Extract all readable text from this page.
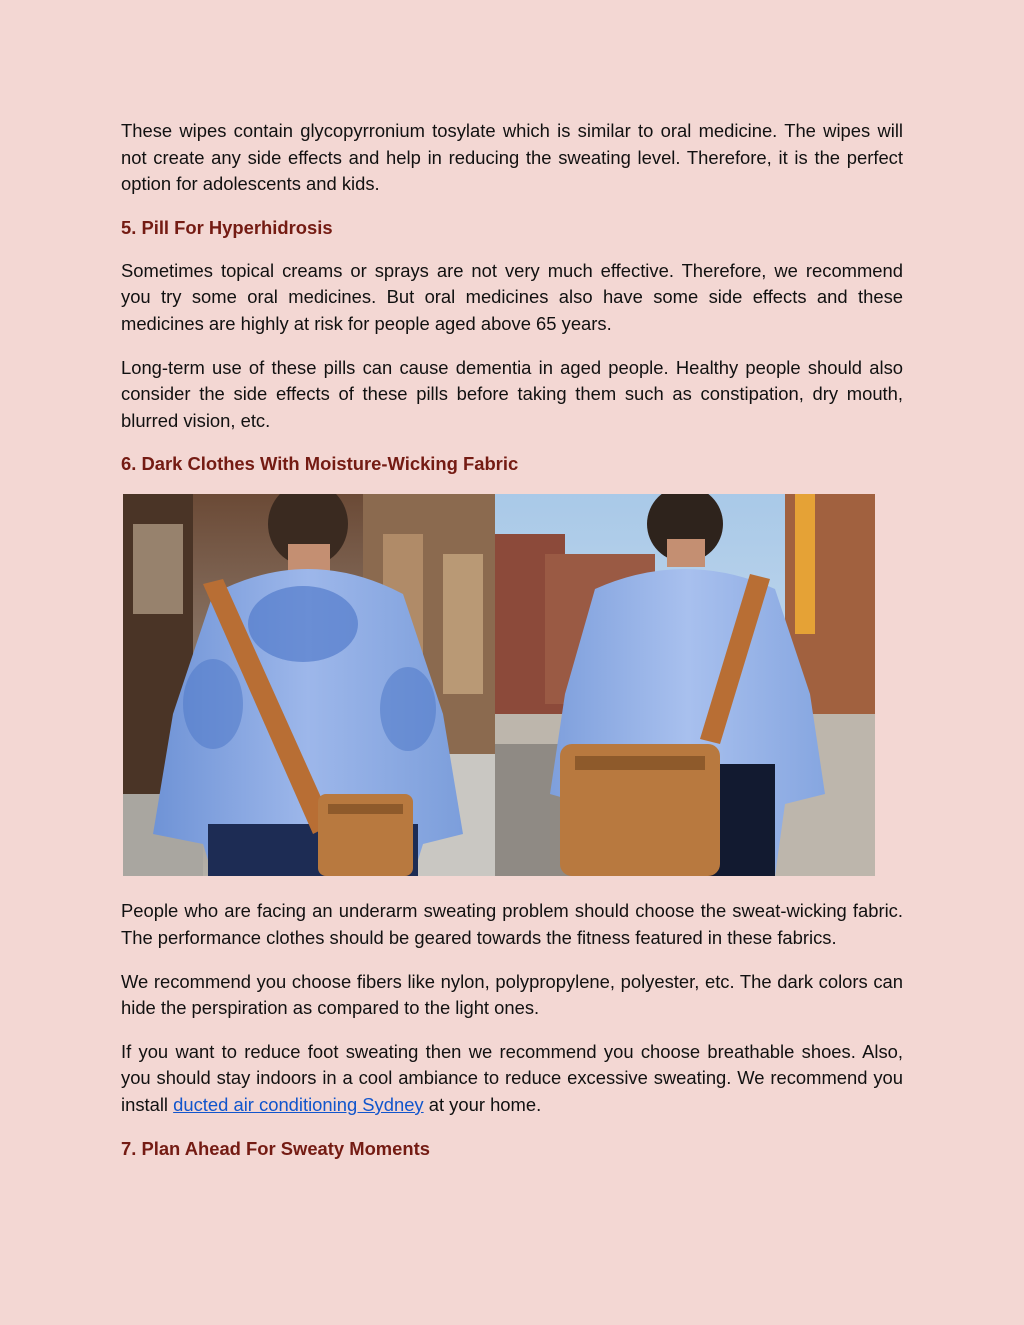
These wipes contain glycopyrronium tosylate which is similar to oral medicine. The wipes will not create any side effects and help in reducing the sweating level. Therefore, it is the perfect option for adolescents and kids.

5. Pill For Hyperhidrosis

Sometimes topical creams or sprays are not very much effective. Therefore, we recommend you try some oral medicines. But oral medicines also have some side effects and these medicines are highly at risk for people aged above 65 years.

Long-term use of these pills can cause dementia in aged people. Healthy people should also consider the side effects of these pills before taking them such as constipation, dry mouth, blurred vision, etc.

6. Dark Clothes With Moisture-Wicking Fabric

People who are facing an underarm sweating problem should choose the sweat-wicking fabric. The performance clothes should be geared towards the fitness featured in these fabrics.

We recommend you choose fibers like nylon, polypropylene, polyester, etc. The dark colors can hide the perspiration as compared to the light ones.

If you want to reduce foot sweating then we recommend you choose breathable shoes. Also, you should stay indoors in a cool ambiance to reduce excessive sweating. We recommend you install ducted air conditioning Sydney at your home.

7. Plan Ahead For Sweaty Moments
